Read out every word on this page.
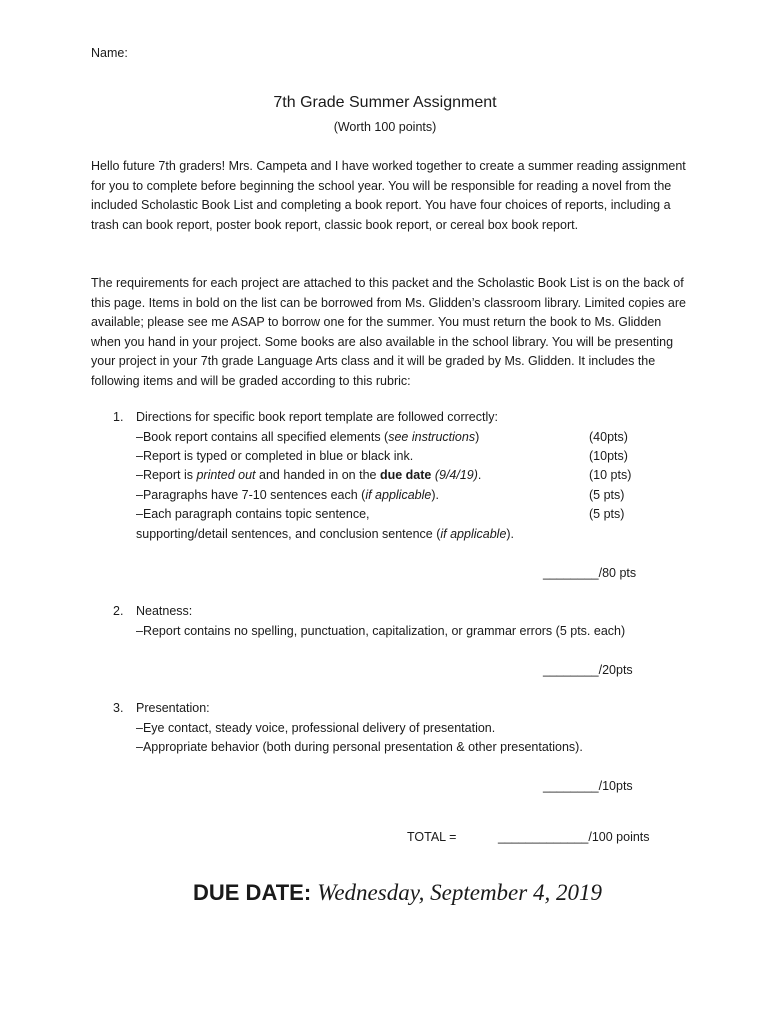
Name:
7th Grade Summer Assignment
(Worth 100 points)
Hello future 7th graders! Mrs. Campeta and I have worked together to create a summer reading assignment for you to complete before beginning the school year. You will be responsible for reading a novel from the included Scholastic Book List and completing a book report. You have four choices of reports, including a trash can book report, poster book report, classic book report, or cereal box book report.
The requirements for each project are attached to this packet and the Scholastic Book List is on the back of this page. Items in bold on the list can be borrowed from Ms. Glidden’s classroom library. Limited copies are available; please see me ASAP to borrow one for the summer. You must return the book to Ms. Glidden when you hand in your project. Some books are also available in the school library. You will be presenting your project in your 7th grade Language Arts class and it will be graded by Ms. Glidden. It includes the following items and will be graded according to this rubric:
1. Directions for specific book report template are followed correctly:
–Book report contains all specified elements (see instructions)	(40pts)
–Report is typed or completed in blue or black ink.	(10pts)
–Report is printed out and handed in on the due date (9/4/19).	(10 pts)
–Paragraphs have 7-10 sentences each (if applicable).	(5 pts)
–Each paragraph contains topic sentence,	(5 pts)
supporting/detail sentences, and conclusion sentence (if applicable).
________/80 pts
2. Neatness:
–Report contains no spelling, punctuation, capitalization, or grammar errors (5 pts. each)
________/20pts
3. Presentation:
–Eye contact, steady voice, professional delivery of presentation.
–Appropriate behavior (both during personal presentation & other presentations).
________/10pts
TOTAL =	_____________/100 points
DUE DATE: Wednesday, September 4, 2019
